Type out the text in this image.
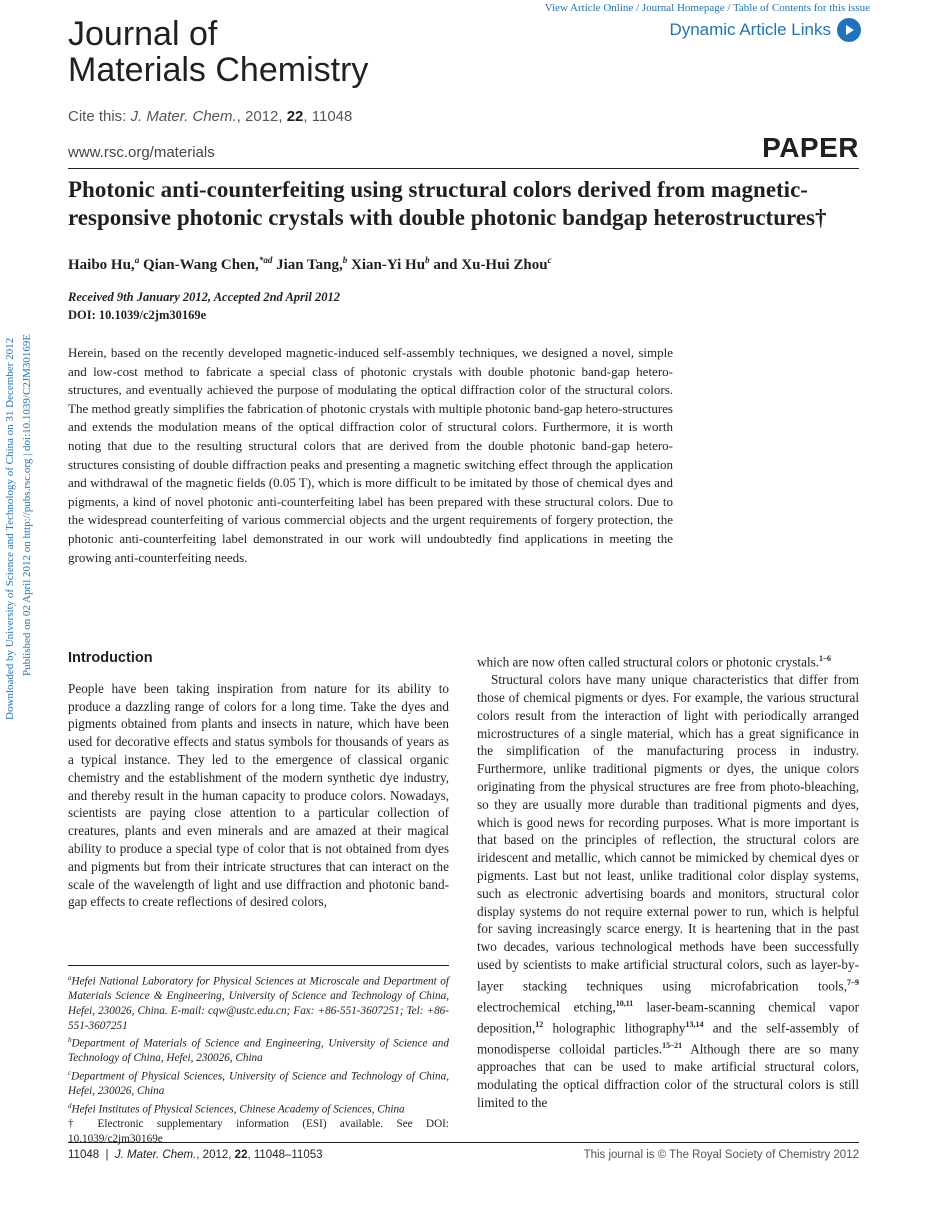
View Article Online / Journal Homepage / Table of Contents for this issue
Dynamic Article Links
Journal of
Materials Chemistry
Cite this: J. Mater. Chem., 2012, 22, 11048
www.rsc.org/materials	PAPER
Photonic anti-counterfeiting using structural colors derived from magnetic-responsive photonic crystals with double photonic bandgap heterostructures†
Haibo Hu,$^a$ Qian-Wang Chen,$^{*ad}$ Jian Tang,$^b$ Xian-Yi Hu$^b$ and Xu-Hui Zhou$^c$
Received 9th January 2012, Accepted 2nd April 2012
DOI: 10.1039/c2jm30169e
Herein, based on the recently developed magnetic-induced self-assembly techniques, we designed a novel, simple and low-cost method to fabricate a special class of photonic crystals with double photonic band-gap hetero-structures, and eventually achieved the purpose of modulating the optical diffraction color of the structural colors. The method greatly simplifies the fabrication of photonic crystals with multiple photonic band-gap hetero-structures and extends the modulation means of the optical diffraction color of structural colors. Furthermore, it is worth noting that due to the resulting structural colors that are derived from the double photonic band-gap hetero-structures consisting of double diffraction peaks and presenting a magnetic switching effect through the application and withdrawal of the magnetic fields (0.05 T), which is more difficult to be imitated by those of chemical dyes and pigments, a kind of novel photonic anti-counterfeiting label has been prepared with these structural colors. Due to the widespread counterfeiting of various commercial objects and the urgent requirements of forgery protection, the photonic anti-counterfeiting label demonstrated in our work will undoubtedly find applications in meeting the growing anti-counterfeiting needs.
Downloaded by University of Science and Technology of China on 31 December 2012 Published on 02 April 2012 on http://pubs.rsc.org | doi:10.1039/C2JM30169E Introduction

People have been taking inspiration from nature for its ability to produce a dazzling range of colors for a long time. Take the dyes and pigments obtained from plants and insects in nature, which have been used for decorative effects and status symbols for thousands of years as a typical instance. They led to the emergence of classical organic chemistry and the establishment of the modern synthetic dye industry, and thereby result in the human capacity to produce colors. Nowadays, scientists are paying close attention to a particular collection of creatures, plants and even minerals and are amazed at their magical ability to produce a special type of color that is not obtained from dyes and pigments but from their intricate structures that can interact on the scale of the wavelength of light and use diffraction and photonic band-gap effects to create reflections of desired colors,

$^a$Hefei National Laboratory for Physical Sciences at Microscale and Department of Materials Science & Engineering, University of Science and Technology of China, Hefei, 230026, China. E-mail: cqw@ustc.edu.cn; Fax: +86-551-3607251; Tel: +86-551-3607251

$^b$Department of Materials of Science and Engineering, University of Science and Technology of China, Hefei, 230026, China

$^c$Department of Physical Sciences, University of Science and Technology of China, Hefei, 230026, China

$^d$Hefei Institutes of Physical Sciences, Chinese Academy of Sciences, China

† Electronic supplementary information (ESI) available. See DOI: 10.1039/c2jm30169e

which are now often called structural colors or photonic crystals.$^{1-6}$

Structural colors have many unique characteristics that differ from those of chemical pigments or dyes. For example, the various structural colors result from the interaction of light with periodically arranged microstructures of a single material, which has a great significance in the simplification of the manufacturing process in industry. Furthermore, unlike traditional pigments or dyes, the unique colors originating from the physical structures are free from photo-bleaching, so they are usually more durable than traditional pigments and dyes, which is good news for recording purposes. What is more important is that based on the principles of reflection, the structural colors are iridescent and metallic, which cannot be mimicked by chemical dyes or pigments. Last but not least, unlike traditional color display systems, such as electronic advertising boards and monitors, structural color display systems do not require external power to run, which is helpful for saving increasingly scarce energy. It is heartening that in the past two decades, various technological methods have been successfully used by scientists to make artificial structural colors, such as layer-by-layer stacking techniques using microfabrication tools,$^{7-9}$ electrochemical etching,$^{10,11}$ laser-beam-scanning chemical vapor deposition,$^{12}$ holographic lithography$^{13,14}$ and the self-assembly of monodisperse colloidal particles.$^{15-21}$ Although there are so many approaches that can be used to make artificial structural colors, modulating the optical diffraction color of the structural colors is still limited to the

11048  |  J. Mater. Chem., 2012, 22, 11048–11053	This journal is © The Royal Society of Chemistry 2012
